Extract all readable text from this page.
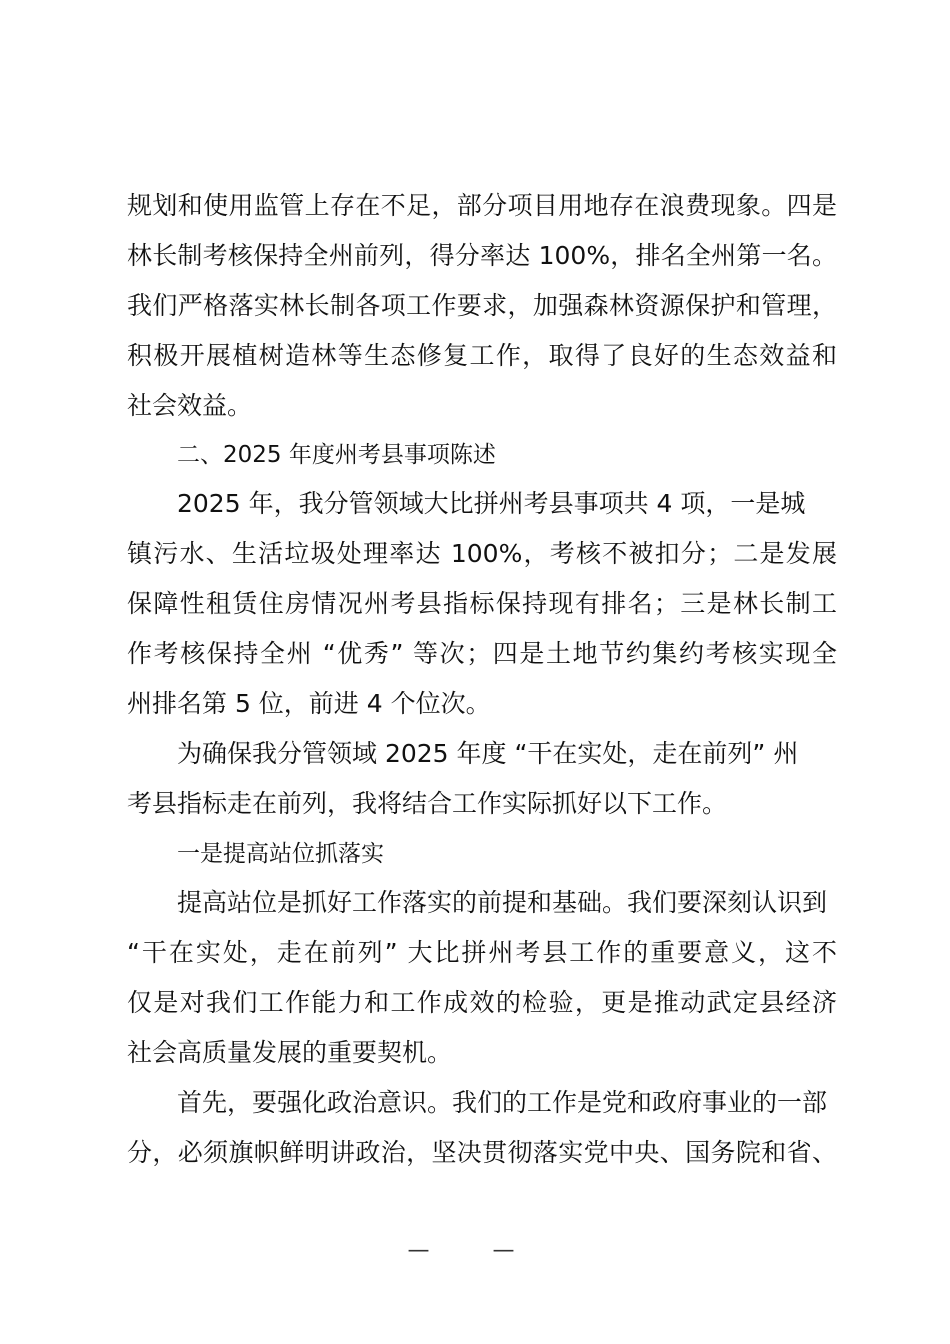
规划和使用监管上存在不足，部分项目用地存在浪费现象。四是
林长制考核保持全州前列，得分率达 100%，排名全州第一名。
我们严格落实林长制各项工作要求，加强森林资源保护和管理，
积极开展植树造林等生态修复工作，取得了良好的生态效益和
社会效益。
二、2025 年度州考县事项陈述
2025 年，我分管领域大比拼州考县事项共 4 项，一是城
镇污水、生活垃圾处理率达 100%，考核不被扣分；二是发展
保障性租赁住房情况州考县指标保持现有排名；三是林长制工
作考核保持全州 “优秀” 等次；四是土地节约集约考核实现全
州排名第 5 位，前进 4 个位次。
为确保我分管领域 2025 年度 “干在实处，走在前列” 州
考县指标走在前列，我将结合工作实际抓好以下工作。
一是提高站位抓落实
提高站位是抓好工作落实的前提和基础。我们要深刻认识到
“干在实处，走在前列” 大比拼州考县工作的重要意义，这不
仅是对我们工作能力和工作成效的检验，更是推动武定县经济
社会高质量发展的重要契机。
首先，要强化政治意识。我们的工作是党和政府事业的一部
分，必须旗帜鲜明讲政治，坚决贯彻落实党中央、国务院和省、
— —
